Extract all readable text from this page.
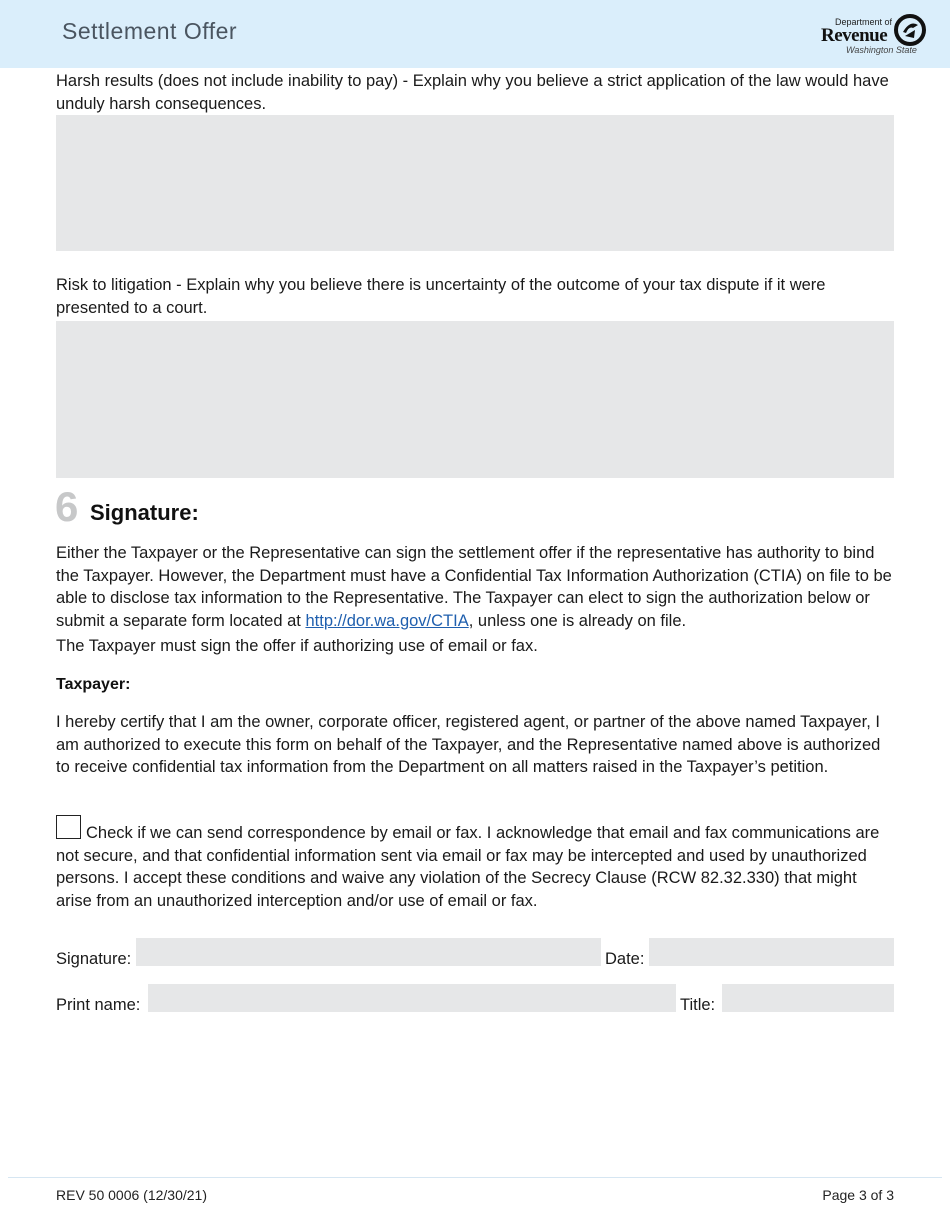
Settlement Offer	Department of
Revenue
Washington State
Harsh results (does not include inability to pay) - Explain why you believe a strict application of the law would have unduly harsh consequences.
Risk to litigation - Explain why you believe there is uncertainty of the outcome of your tax dispute if it were presented to a court.
6 Signature:
Either the Taxpayer or the Representative can sign the settlement offer if the representative has authority to bind the Taxpayer. However, the Department must have a Confidential Tax Information Authorization (CTIA) on file to be able to disclose tax information to the Representative. The Taxpayer can elect to sign the authorization below or submit a separate form located at http://dor.wa.gov/CTIA, unless one is already on file.
The Taxpayer must sign the offer if authorizing use of email or fax.
Taxpayer:
I hereby certify that I am the owner, corporate officer, registered agent, or partner of the above named Taxpayer, I am authorized to execute this form on behalf of the Taxpayer, and the Representative named above is authorized to receive confidential tax information from the Department on all matters raised in the Taxpayer’s petition.
Check if we can send correspondence by email or fax. I acknowledge that email and fax communications are not secure, and that confidential information sent via email or fax may be intercepted and used by unauthorized persons. I accept these conditions and waive any violation of the Secrecy Clause (RCW 82.32.330) that might arise from an unauthorized interception and/or use of email or fax.
Signature:	Date:
Print name:	Title:
REV 50 0006 (12/30/21)	Page 3 of 3
